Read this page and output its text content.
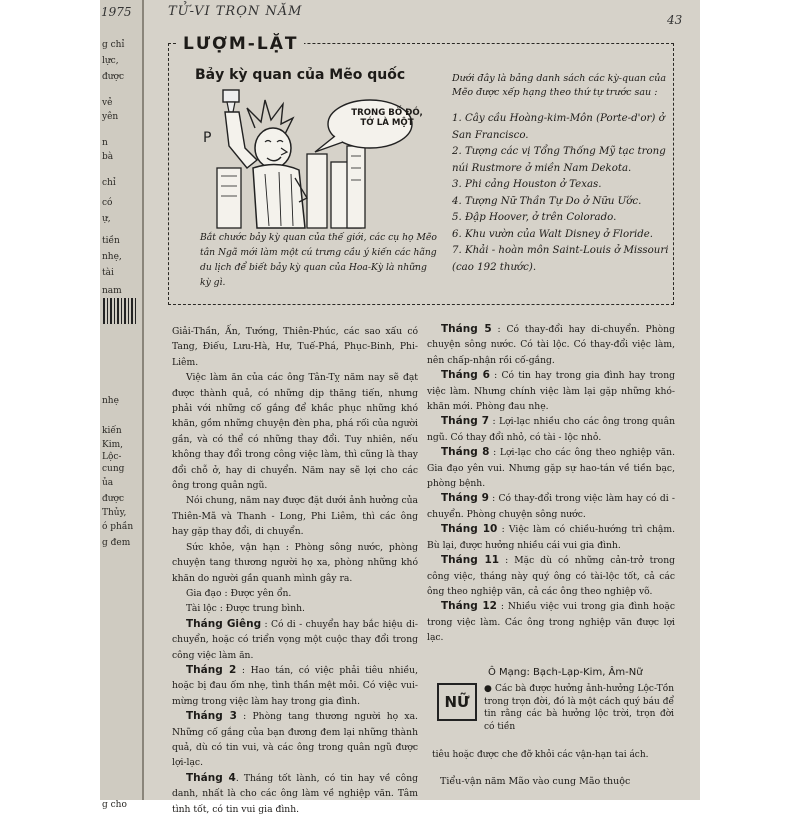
g chỉ
lực,
được
vẻ
yên
n
bà
chỉ
có
ự,
tiền
nhẹ,
tài
nam
nhẹ
kiến
Kim,
Lộc-
cung
ủa
được
Thủy,
ó phần
g đem
g cho
1975	TỬ-VI TRỌN NĂM
43
LƯỢM-LẶT
Bảy kỳ quan của Mẽo quốc
P
TRONG BỐ ĐÓ, TỚ LÀ MỘT
Bắt chước bảy kỳ quan của thế giới, các cụ họ Mẽo tân Ngã mới làm một cú trưng cầu ý kiến các hãng du lịch để biết bảy kỳ quan của Hoa-Kỳ là những kỳ gì.
Dưới đây là bảng danh sách các kỳ-quan của Mẽo được xếp hạng theo thứ tự trước sau :
1. Cây cầu Hoàng-kim-Môn (Porte-d'or) ở San Francisco.
2. Tượng các vị Tổng Thống Mỹ tạc trong núi Rustmore ở miền Nam Dekota.
3. Phi cảng Houston ở Texas.
4. Tượng Nữ Thần Tự Do ở Nữu Ước.
5. Đập Hoover, ở trên Colorado.
6. Khu vườn của Walt Disney ở Floride.
7. Khải - hoàn môn Saint-Louis ở Missouri (cao 192 thước).

Giải-Thần, Ấn, Tướng, Thiên-Phúc, các sao xấu có Tang, Điếu, Lưu-Hà, Hư, Tuế-Phá, Phục-Binh, Phi-Liêm.

Việc làm ăn của các ông Tân-Tỵ năm nay sẽ đạt được thành quả, có những dịp thăng tiến, nhưng phải với những cố gắng để khắc phục những khó khăn, gồm những chuyện đèn pha, phá rối của người gần, và có thể có những thay đổi. Tuy nhiên, nếu không thay đổi trong công việc làm, thì cũng là thay đổi chỗ ở, hay di chuyển. Năm nay sẽ lợi cho các ông trong quân ngũ.

Nói chung, năm nay được đặt dưới ảnh hưởng của Thiên-Mã và Thanh - Long, Phi Liêm, thì các ông hay gặp thay đổi, di chuyển.

Sức khỏe, vận hạn : Phòng sông nước, phòng chuyện tang thương người họ xa, phòng những khó khăn do người gần quanh mình gây ra.

Gia đạo : Được yên ổn.

Tài lộc : Được trung bình.

Tháng Giêng : Có di - chuyển hay bắc hiệu di-chuyển, hoặc có triển vọng một cuộc thay đổi trong công việc làm ăn.

Tháng 2 : Hao tán, có việc phải tiêu nhiều, hoặc bị đau ốm nhẹ, tình thần mệt mỏi. Có việc vui-mừng trong việc làm hay trong gia đình.

Tháng 3 : Phòng tang thương người họ xa. Những cố gắng của bạn đương đem lại những thành quả, dù có tin vui, và các ông trong quân ngũ được lợi-lạc.

Tháng 4. Tháng tốt lành, có tin hay về công danh, nhất là cho các ông làm về nghiệp văn. Tâm tình tốt, có tin vui gia đình.

Tháng 5 : Có thay-đổi hay di-chuyển. Phòng chuyện sông nước. Có tài lộc. Có thay-đổi việc làm, nên chấp-nhận rồi cố-gắng.

Tháng 6 : Có tin hay trong gia đình hay trong việc làm. Nhưng chính việc làm lại gặp những khó-khăn mới. Phòng đau nhẹ.

Tháng 7 : Lợi-lạc nhiều cho các ông trong quân ngũ. Có thay đổi nhỏ, có tài - lộc nhỏ.

Tháng 8 : Lợi-lạc cho các ông theo nghiệp văn. Gia đạo yên vui. Nhưng gặp sự hao-tán về tiền bạc, phòng bệnh.

Tháng 9 : Có thay-đổi trong việc làm hay có di - chuyển. Phòng chuyện sông nước.

Tháng 10 : Việc làm có chiều-hướng trì chậm. Bù lại, được hưởng nhiều cái vui gia đình.

Tháng 11 : Mặc dù có những cản-trở trong công việc, tháng này quý ông có tài-lộc tốt, cả các ông theo nghiệp văn, cả các ông theo nghiệp võ.

Tháng 12 : Nhiều việc vui trong gia đình hoặc trong việc làm. Các ông trong nghiệp văn được lợi lạc.

NỮ
Ô Mạng: Bạch-Lạp-Kim, Âm-Nữ
● Các bà được hưởng ảnh-hưởng Lộc-Tồn trong trọn đời, đó là một cách quý báu để tin rằng các bà hưởng lộc trời, trọn đời có tiền
tiêu hoặc được che đỡ khỏi các vận-hạn tai ách.
Tiểu-vận năm Mão vào cung Mão thuộc
